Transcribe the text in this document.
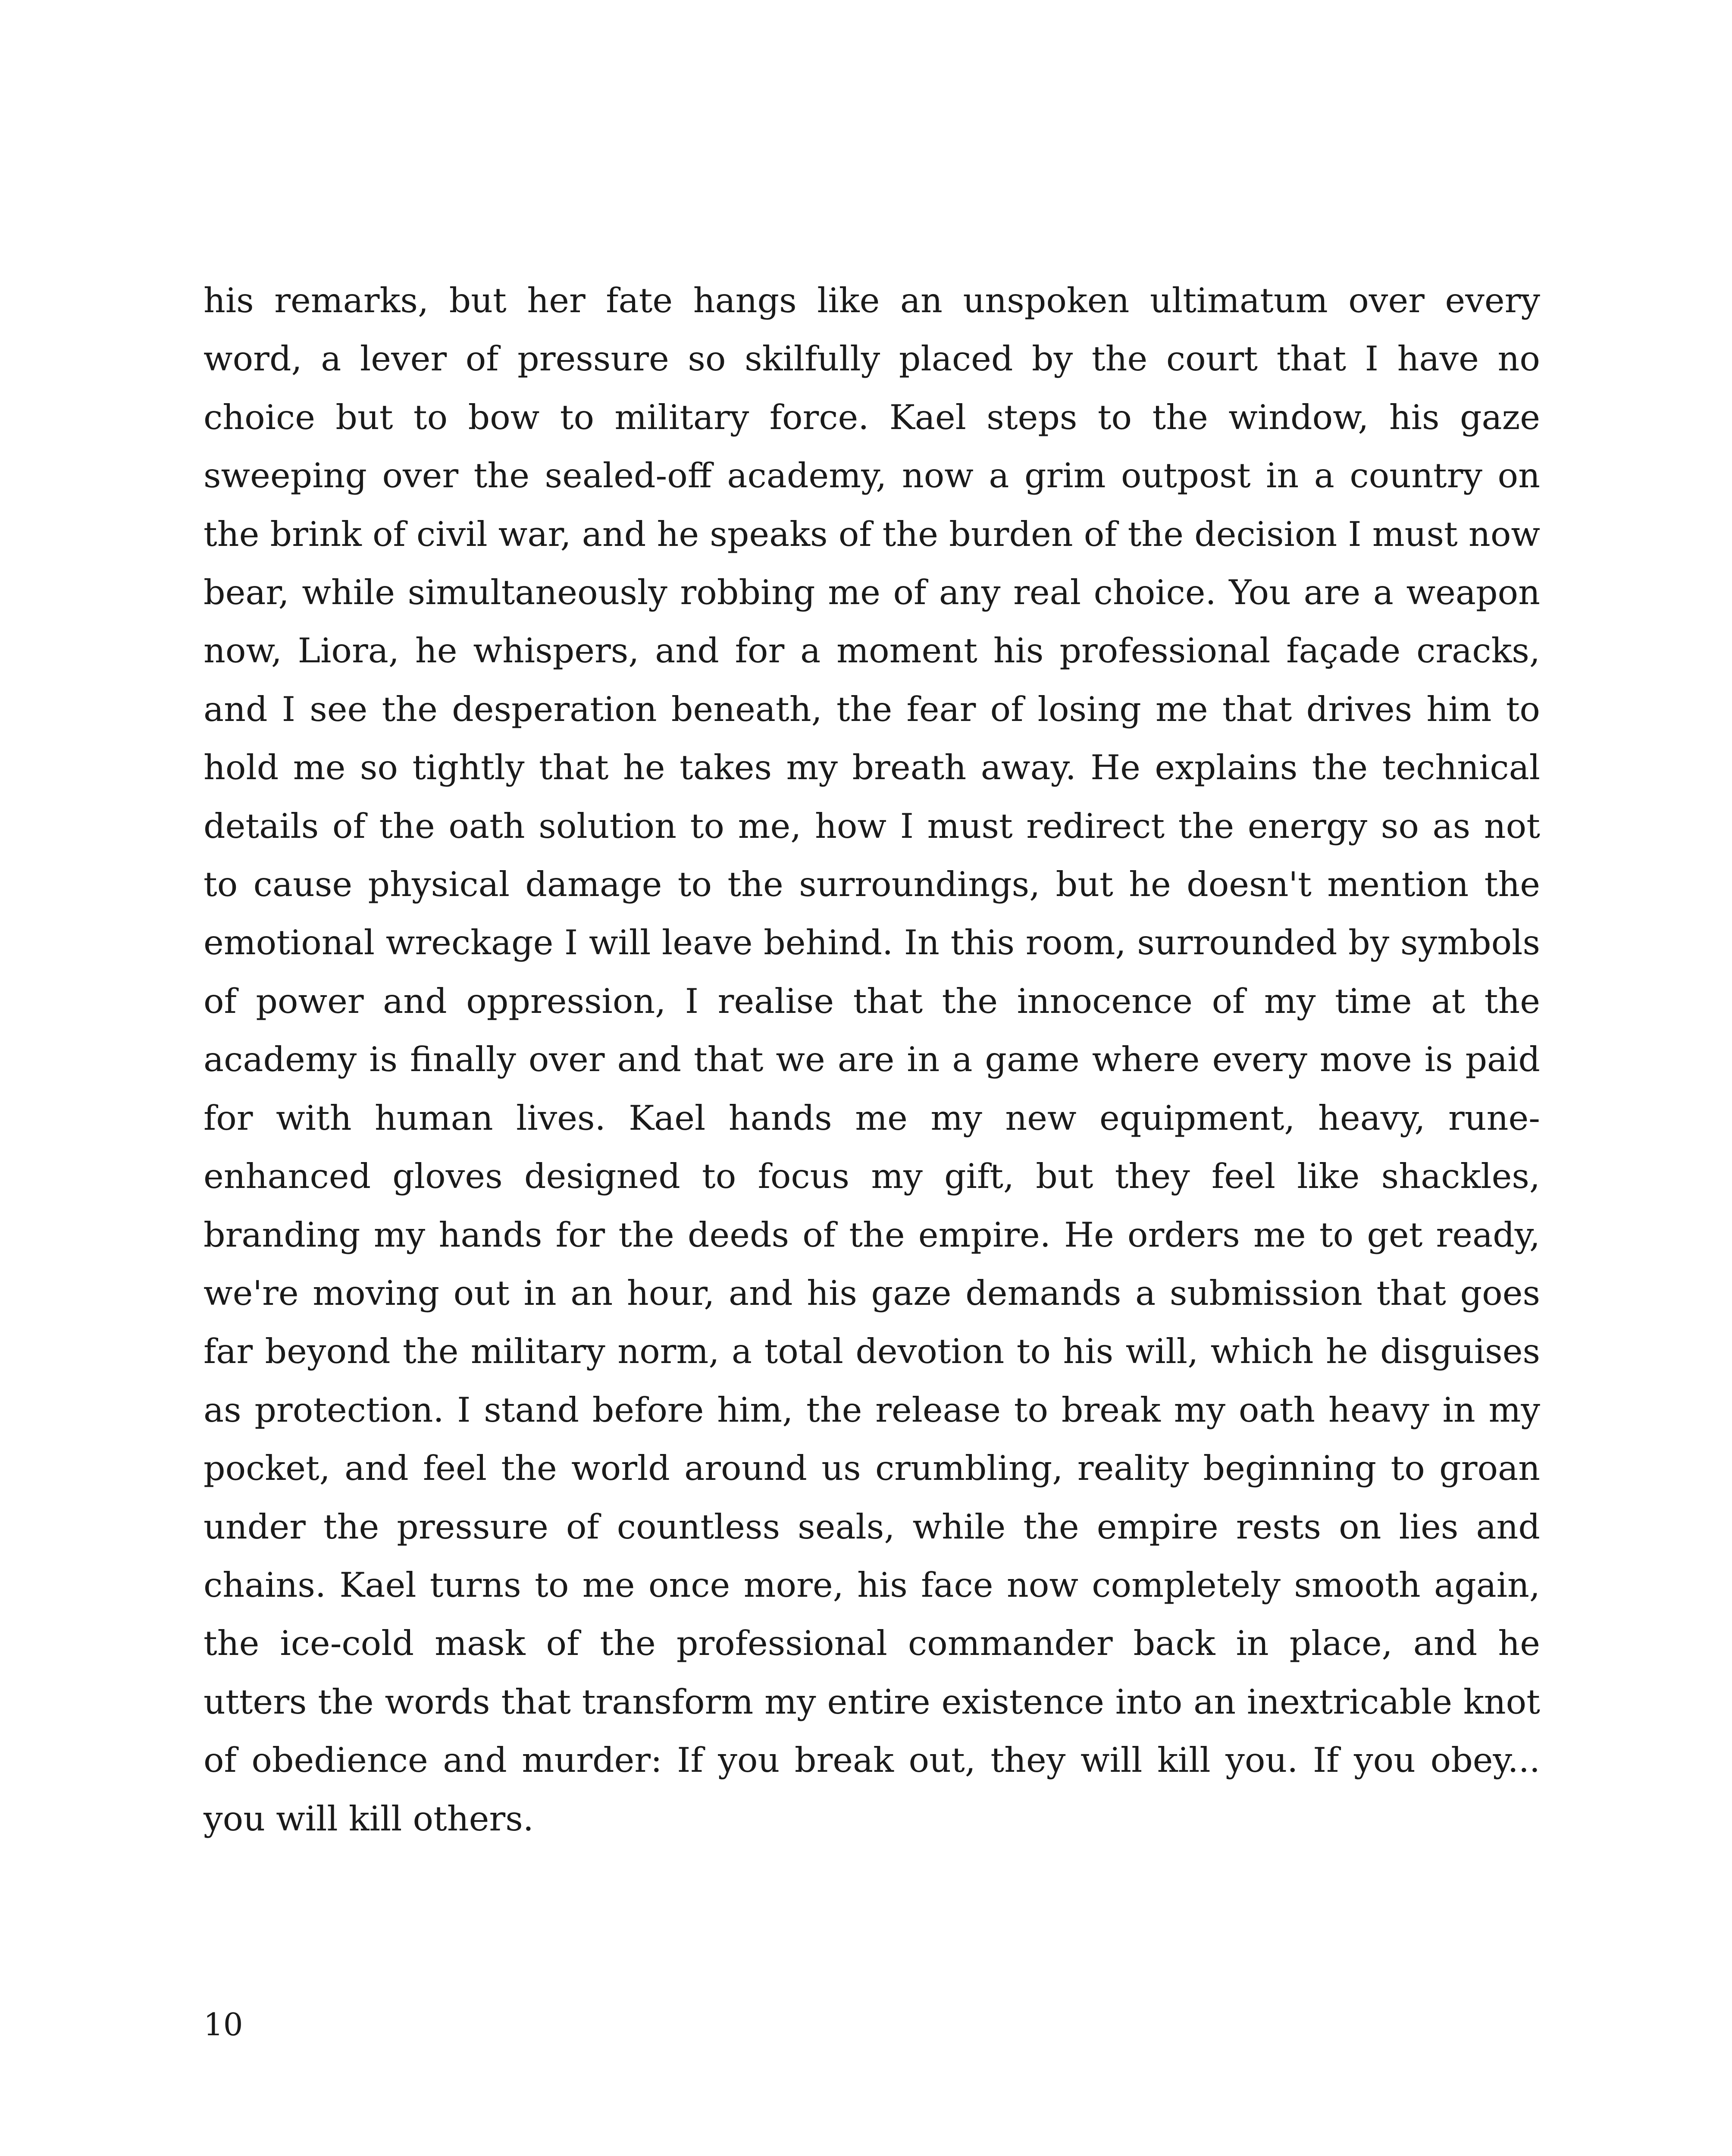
his remarks, but her fate hangs like an unspoken ultimatum over every word, a lever of pressure so skilfully placed by the court that I have no choice but to bow to military force. Kael steps to the window, his gaze sweeping over the sealed-off academy, now a grim outpost in a country on the brink of civil war, and he speaks of the burden of the decision I must now bear, while simultaneously robbing me of any real choice. You are a weapon now, Liora, he whispers, and for a moment his professional façade cracks, and I see the desperation beneath, the fear of losing me that drives him to hold me so tightly that he takes my breath away. He explains the technical details of the oath solution to me, how I must redirect the energy so as not to cause physical damage to the surroundings, but he doesn't mention the emotional wreckage I will leave behind. In this room, surrounded by symbols of power and oppression, I realise that the innocence of my time at the academy is finally over and that we are in a game where every move is paid for with human lives. Kael hands me my new equipment, heavy, rune-enhanced gloves designed to focus my gift, but they feel like shackles, branding my hands for the deeds of the empire. He orders me to get ready, we're moving out in an hour, and his gaze demands a submission that goes far beyond the military norm, a total devotion to his will, which he disguises as protection. I stand before him, the release to break my oath heavy in my pocket, and feel the world around us crumbling, reality beginning to groan under the pressure of countless seals, while the empire rests on lies and chains. Kael turns to me once more, his face now completely smooth again, the ice-cold mask of the professional commander back in place, and he utters the words that transform my entire existence into an inextricable knot of obedience and murder: If you break out, they will kill you. If you obey... you will kill others.

10
